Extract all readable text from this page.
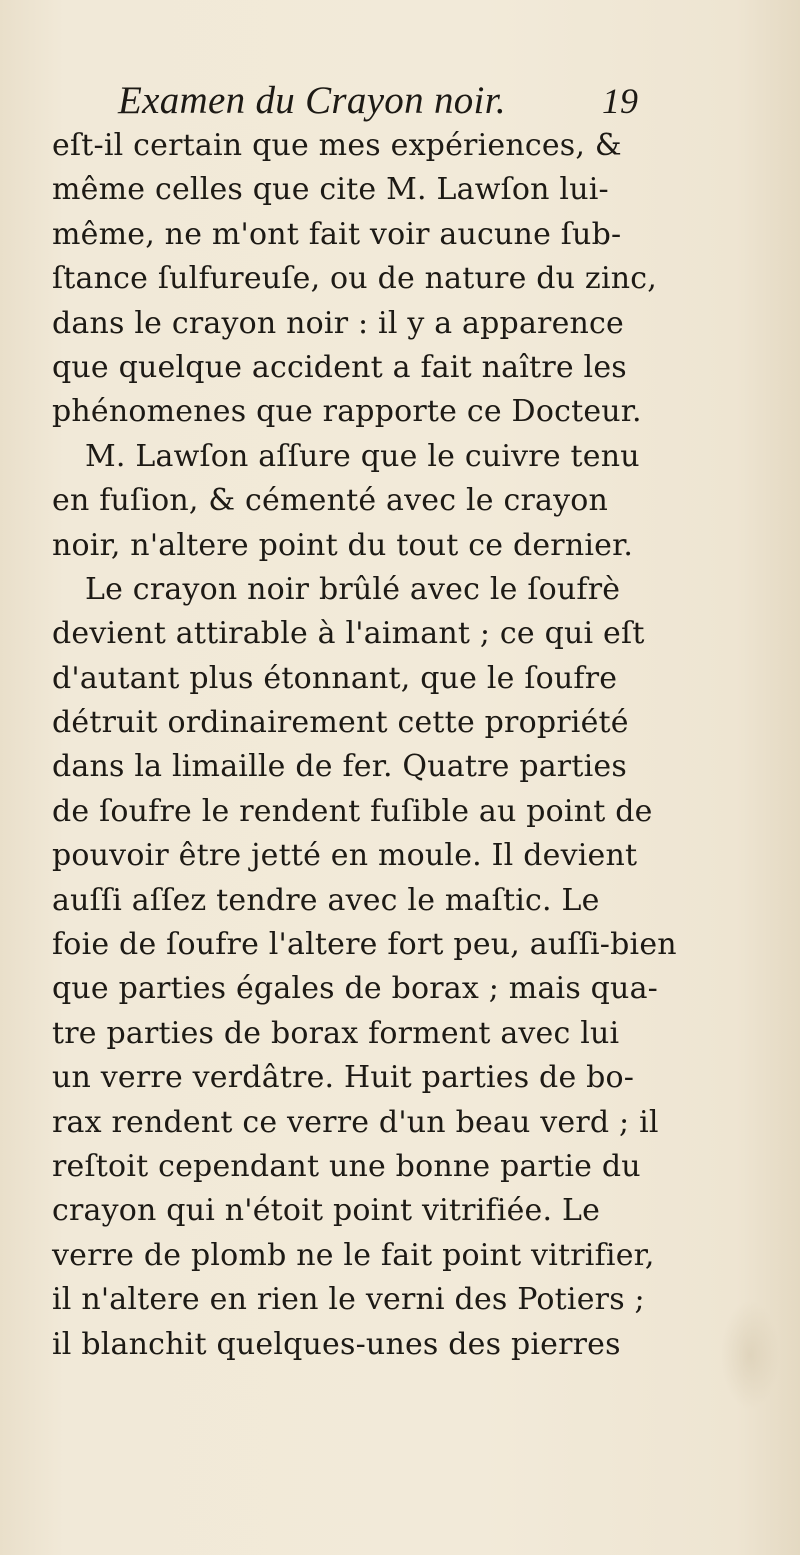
Examen du Crayon noir.	19
eſt-il certain que mes expériences, &
même celles que cite M. Lawſon lui-
même, ne m'ont fait voir aucune ſub-
ſtance ſulfureuſe, ou de nature du zinc,
dans le crayon noir : il y a apparence
que quelque accident a fait naître les
phénomenes que rapporte ce Docteur.
M. Lawſon aſſure que le cuivre tenu
en fuſion, & cémenté avec le crayon
noir, n'altere point du tout ce dernier.
Le crayon noir brûlé avec le ſoufrè
devient attirable à l'aimant ; ce qui eſt
d'autant plus étonnant, que le ſoufre
détruit ordinairement cette propriété
dans la limaille de fer. Quatre parties
de ſoufre le rendent fuſible au point de
pouvoir être jetté en moule. Il devient
auſſi aſſez tendre avec le maſtic. Le
foie de ſoufre l'altere fort peu, auſſi-bien
que parties égales de borax ; mais qua-
tre parties de borax forment avec lui
un verre verdâtre. Huit parties de bo-
rax rendent ce verre d'un beau verd ; il
reſtoit cependant une bonne partie du
crayon qui n'étoit point vitrifiée. Le
verre de plomb ne le fait point vitrifier,
il n'altere en rien le verni des Potiers ;
il blanchit quelques-unes des pierres
